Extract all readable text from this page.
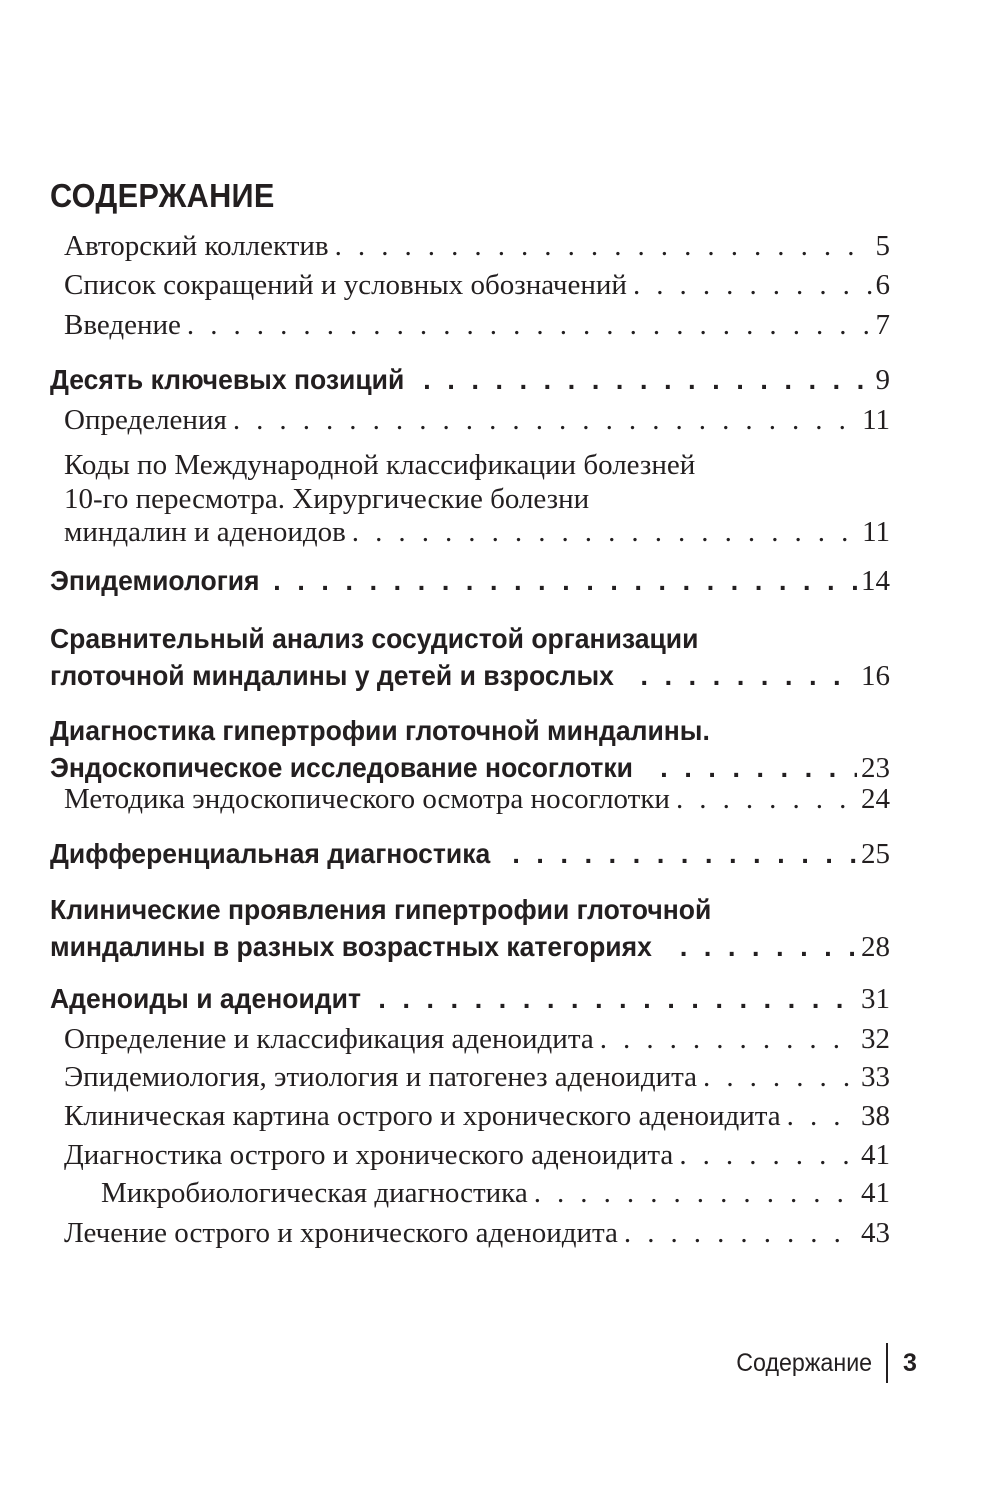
СОДЕРЖАНИЕ
Авторский коллектив . . .	5
Список сокращений и условных обозначений . . .	6
Введение . . .	7
Десять ключевых позиций . . .	9
Определения . . .	11
Коды по Международной классификации болезней
10-го пересмотра. Хирургические болезни
миндалин и аденоидов . . .	11
Эпидемиология . . .	14
Сравнительный анализ сосудистой организации
глоточной миндалины у детей и взрослых . . .	16
Диагностика гипертрофии глоточной миндалины.
Эндоскопическое исследование носоглотки . . .	23
Методика эндоскопического осмотра носоглотки . . .	24
Дифференциальная диагностика . . .	25
Клинические проявления гипертрофии глоточной
миндалины в разных возрастных категориях . . .	28
Аденоиды и аденоидит . . .	31
Определение и классификация аденоидита . . .	32
Эпидемиология, этиология и патогенез аденоидита . . .	33
Клиническая картина острого и хронического аденоидита . . .	38
Диагностика острого и хронического аденоидита . . .	41
Микробиологическая диагностика . . .	41
Лечение острого и хронического аденоидита . . .	43
Содержание 3
